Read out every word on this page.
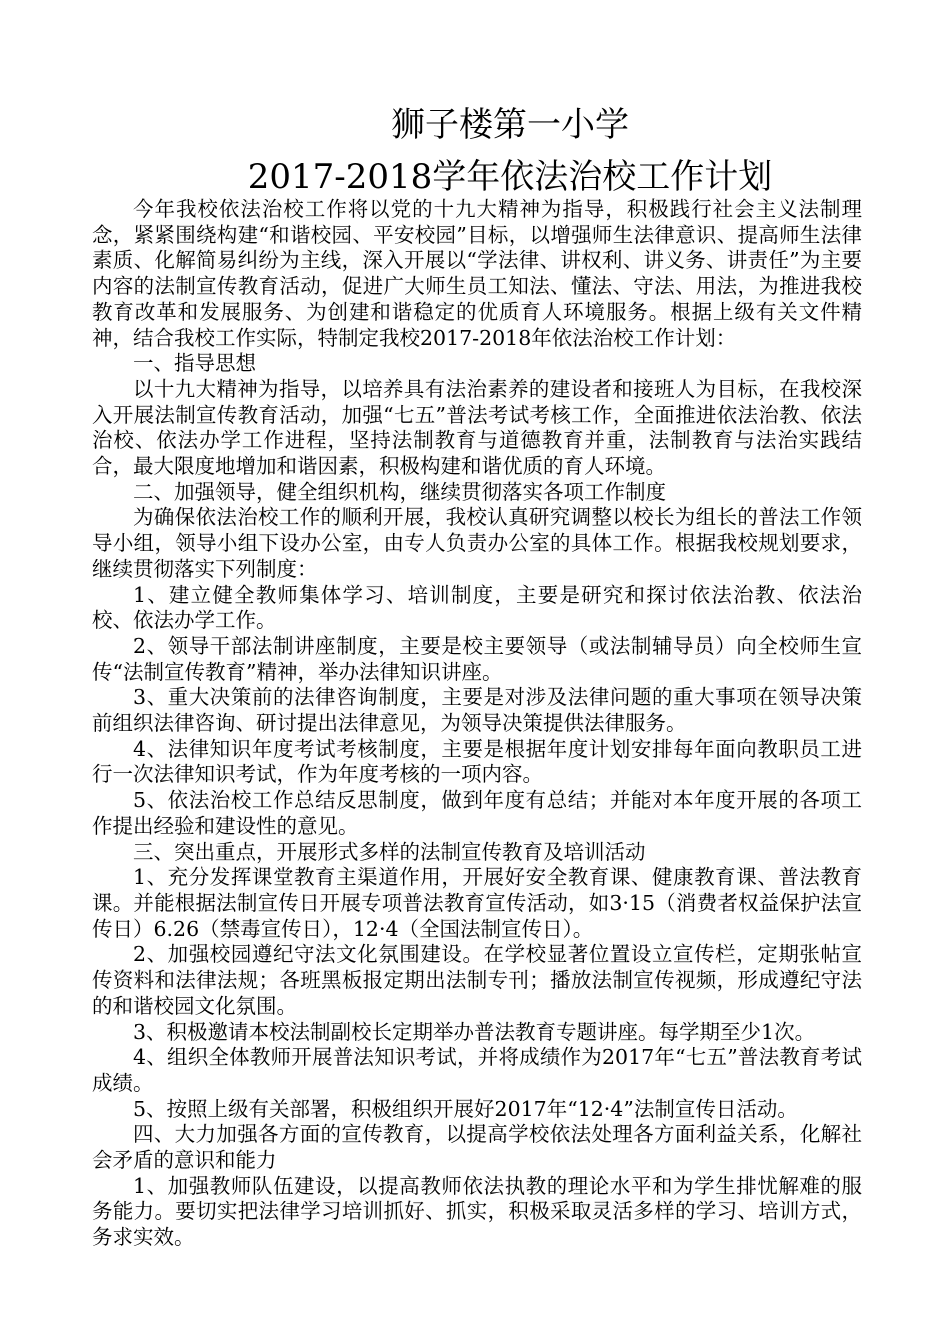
狮子楼第一小学
2017-2018学年依法治校工作计划

今年我校依法治校工作将以党的十九大精神为指导，积极践行社会主义法制理念，紧紧围绕构建“和谐校园、平安校园”目标，以增强师生法律意识、提高师生法律素质、化解简易纠纷为主线，深入开展以“学法律、讲权利、讲义务、讲责任”为主要内容的法制宣传教育活动，促进广大师生员工知法、懂法、守法、用法，为推进我校教育改革和发展服务、为创建和谐稳定的优质育人环境服务。根据上级有关文件精神，结合我校工作实际，特制定我校2017-2018年依法治校工作计划：

一、指导思想

以十九大精神为指导，以培养具有法治素养的建设者和接班人为目标，在我校深入开展法制宣传教育活动，加强“七五”普法考试考核工作，全面推进依法治教、依法治校、依法办学工作进程，坚持法制教育与道德教育并重，法制教育与法治实践结合，最大限度地增加和谐因素，积极构建和谐优质的育人环境。

二、加强领导，健全组织机构，继续贯彻落实各项工作制度

为确保依法治校工作的顺利开展，我校认真研究调整以校长为组长的普法工作领导小组，领导小组下设办公室，由专人负责办公室的具体工作。根据我校规划要求，继续贯彻落实下列制度：

1、建立健全教师集体学习、培训制度，主要是研究和探讨依法治教、依法治校、依法办学工作。

2、领导干部法制讲座制度，主要是校主要领导（或法制辅导员）向全校师生宣传“法制宣传教育”精神，举办法律知识讲座。

3、重大决策前的法律咨询制度，主要是对涉及法律问题的重大事项在领导决策前组织法律咨询、研讨提出法律意见，为领导决策提供法律服务。

4、法律知识年度考试考核制度，主要是根据年度计划安排每年面向教职员工进行一次法律知识考试，作为年度考核的一项内容。

5、依法治校工作总结反思制度，做到年度有总结；并能对本年度开展的各项工作提出经验和建设性的意见。

三、突出重点，开展形式多样的法制宣传教育及培训活动

1、充分发挥课堂教育主渠道作用，开展好安全教育课、健康教育课、普法教育课。并能根据法制宣传日开展专项普法教育宣传活动，如3·15（消费者权益保护法宣传日）6.26（禁毒宣传日），12·4（全国法制宣传日）。

2、加强校园遵纪守法文化氛围建设。在学校显著位置设立宣传栏，定期张帖宣传资料和法律法规；各班黑板报定期出法制专刊；播放法制宣传视频，形成遵纪守法的和谐校园文化氛围。

3、积极邀请本校法制副校长定期举办普法教育专题讲座。每学期至少1次。

4、组织全体教师开展普法知识考试，并将成绩作为2017年“七五”普法教育考试成绩。

5、按照上级有关部署，积极组织开展好2017年“12·4”法制宣传日活动。

四、大力加强各方面的宣传教育，以提高学校依法处理各方面利益关系，化解社会矛盾的意识和能力

1、加强教师队伍建设，以提高教师依法执教的理论水平和为学生排忧解难的服务能力。要切实把法律学习培训抓好、抓实，积极采取灵活多样的学习、培训方式，务求实效。
